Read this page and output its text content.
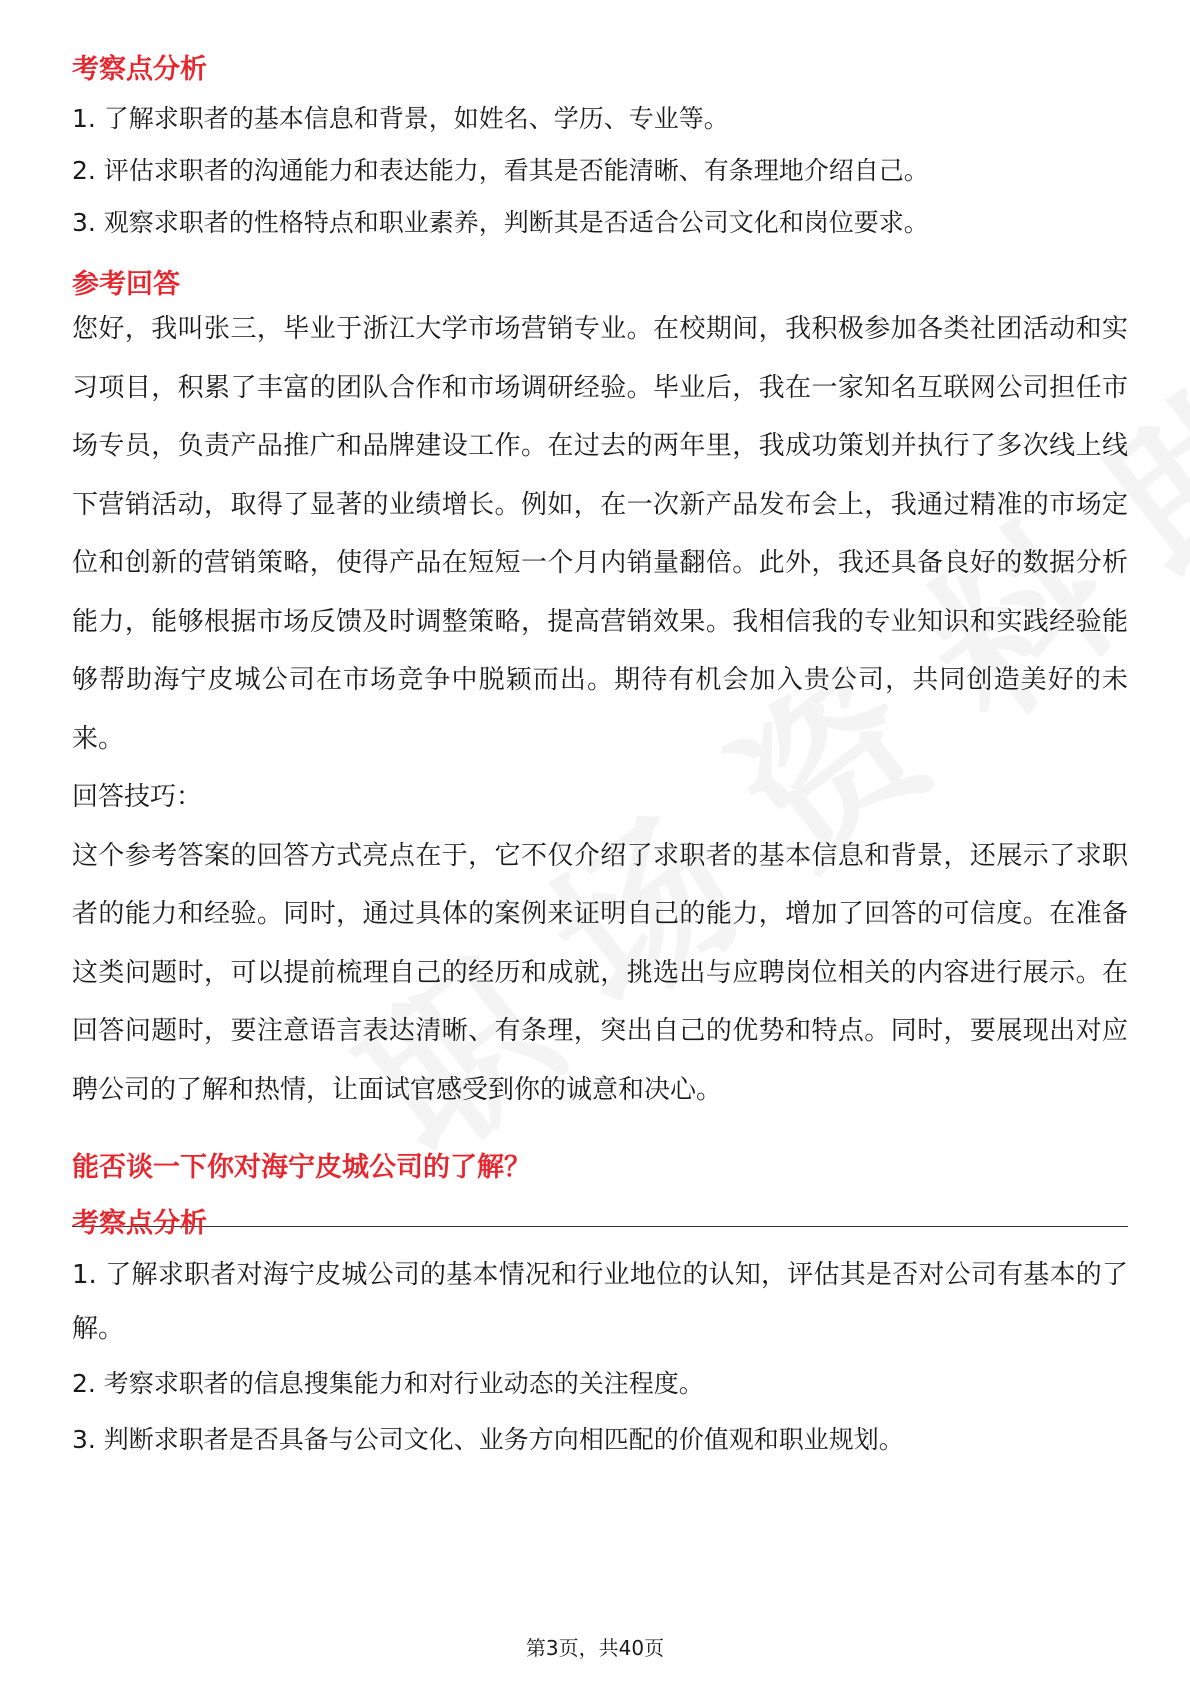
考察点分析

1. 了解求职者的基本信息和背景，如姓名、学历、专业等。

2. 评估求职者的沟通能力和表达能力，看其是否能清晰、有条理地介绍自己。

3. 观察求职者的性格特点和职业素养，判断其是否适合公司文化和岗位要求。

参考回答

您好，我叫张三，毕业于浙江大学市场营销专业。在校期间，我积极参加各类社团活动和实习项目，积累了丰富的团队合作和市场调研经验。毕业后，我在一家知名互联网公司担任市场专员，负责产品推广和品牌建设工作。在过去的两年里，我成功策划并执行了多次线上线下营销活动，取得了显著的业绩增长。例如，在一次新产品发布会上，我通过精准的市场定位和创新的营销策略，使得产品在短短一个月内销量翻倍。此外，我还具备良好的数据分析能力，能够根据市场反馈及时调整策略，提高营销效果。我相信我的专业知识和实践经验能够帮助海宁皮城公司在市场竞争中脱颖而出。期待有机会加入贵公司，共同创造美好的未来。

回答技巧：

这个参考答案的回答方式亮点在于，它不仅介绍了求职者的基本信息和背景，还展示了求职者的能力和经验。同时，通过具体的案例来证明自己的能力，增加了回答的可信度。在准备这类问题时，可以提前梳理自己的经历和成就，挑选出与应聘岗位相关的内容进行展示。在回答问题时，要注意语言表达清晰、有条理，突出自己的优势和特点。同时，要展现出对应聘公司的了解和热情，让面试官感受到你的诚意和决心。

能否谈一下你对海宁皮城公司的了解？
考察点分析

1. 了解求职者对海宁皮城公司的基本情况和行业地位的认知，评估其是否对公司有基本的了解。

2. 考察求职者的信息搜集能力和对行业动态的关注程度。

3. 判断求职者是否具备与公司文化、业务方向相匹配的价值观和职业规划。

第3页，共40页
